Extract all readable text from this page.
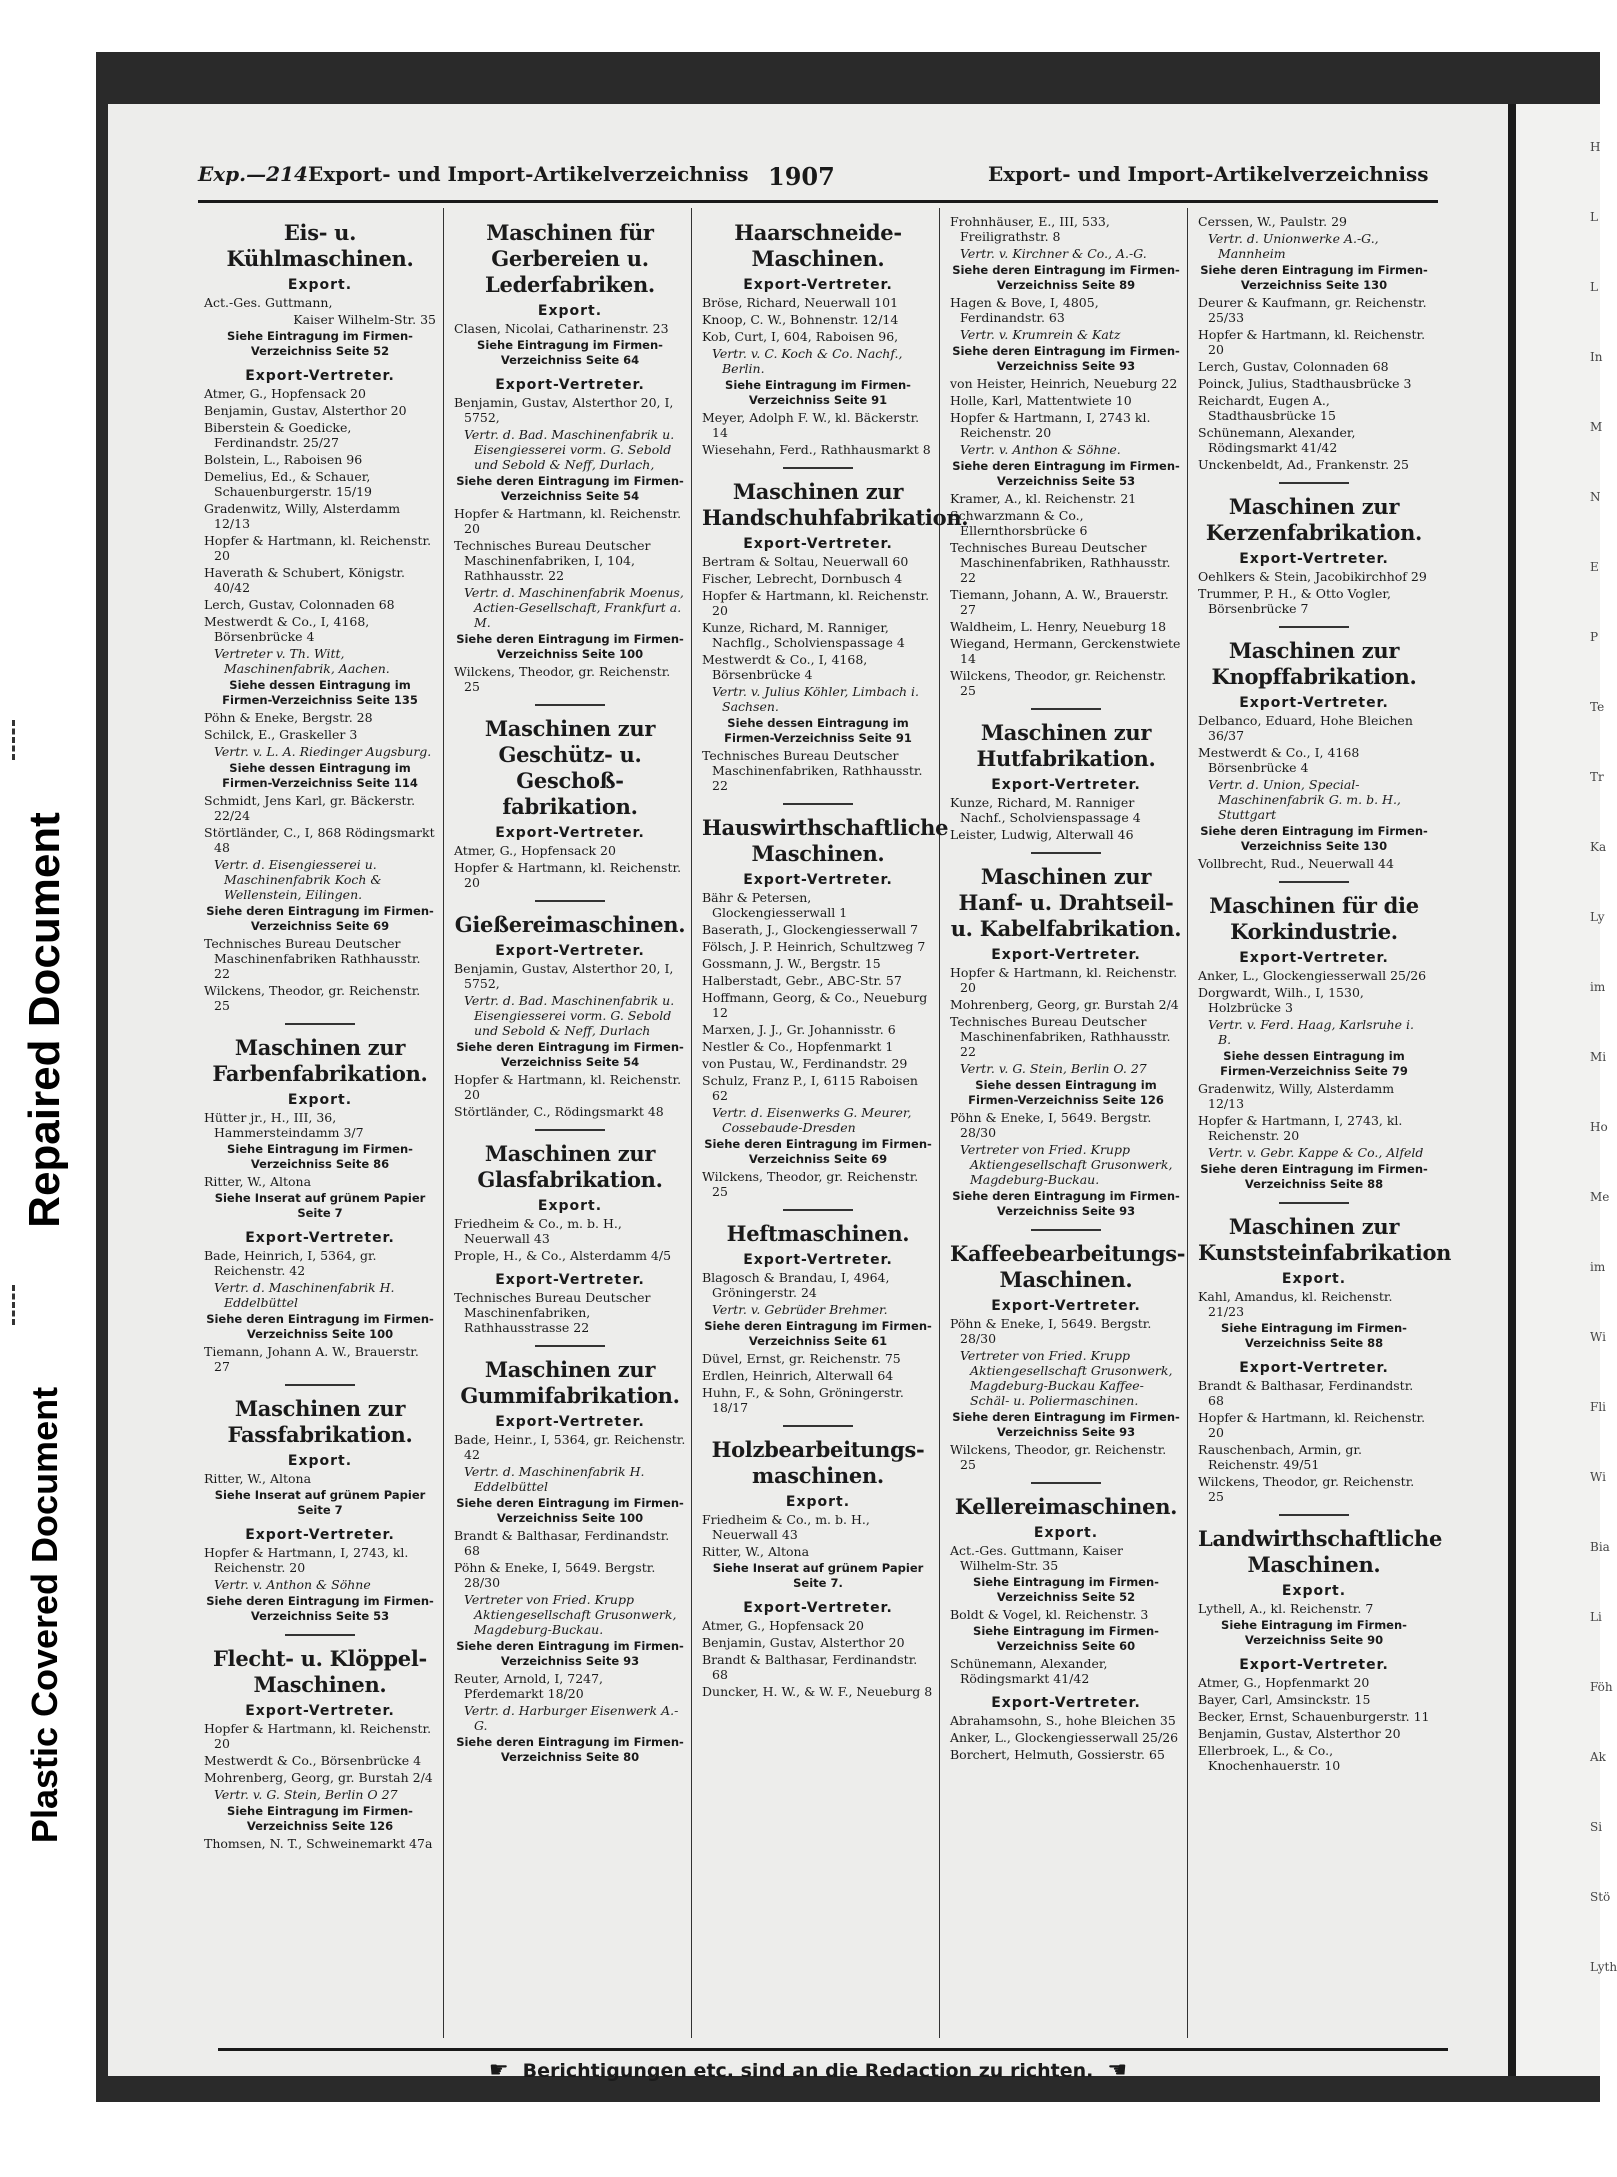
Repaired Document
Plastic Covered Document
Exp.—214 Export- und Import-Artikelverzeichniss 1907	Export- und Import-Artikelverzeichniss
Eis- u. Kühlmaschinen.
Export.
Act.-Ges. Guttmann,
Kaiser Wilhelm-Str. 35
Siehe Eintragung im Firmen-Verzeichniss Seite 52
Export-Vertreter.
Atmer, G., Hopfensack 20
Benjamin, Gustav, Alsterthor 20
Biberstein & Goedicke, Ferdinandstr. 25/27
Bolstein, L., Raboisen 96
Demelius, Ed., & Schauer, Schauenburgerstr. 15/19
Gradenwitz, Willy, Alsterdamm 12/13
Hopfer & Hartmann, kl. Reichenstr. 20
Haverath & Schubert, Königstr. 40/42
Lerch, Gustav, Colonnaden 68
Mestwerdt & Co., I, 4168, Börsenbrücke 4
Vertreter v. Th. Witt, Maschinenfabrik, Aachen.
Siehe dessen Eintragung im Firmen-Verzeichniss Seite 135
Pöhn & Eneke, Bergstr. 28
Schilck, E., Graskeller 3
Vertr. v. L. A. Riedinger Augsburg.
Siehe dessen Eintragung im Firmen-Verzeichniss Seite 114
Schmidt, Jens Karl, gr. Bäckerstr. 22/24
Störtländer, C., I, 868 Rödingsmarkt 48
Vertr. d. Eisengiesserei u. Maschinenfabrik Koch & Wellenstein, Eilingen.
Siehe deren Eintragung im Firmen-Verzeichniss Seite 69
Technisches Bureau Deutscher Maschinenfabriken Rathhausstr. 22
Wilckens, Theodor, gr. Reichenstr. 25
Maschinen zur Farbenfabrikation.
Export.
Hütter jr., H., III, 36, Hammersteindamm 3/7
Siehe Eintragung im Firmen-Verzeichniss Seite 86
Ritter, W., Altona
Siehe Inserat auf grünem Papier Seite 7
Export-Vertreter.
Bade, Heinrich, I, 5364, gr. Reichenstr. 42
Vertr. d. Maschinenfabrik H. Eddelbüttel
Siehe deren Eintragung im Firmen-Verzeichniss Seite 100
Tiemann, Johann A. W., Brauerstr. 27
Maschinen zur Fassfabrikation.
Export.
Ritter, W., Altona
Siehe Inserat auf grünem Papier Seite 7
Export-Vertreter.
Hopfer & Hartmann, I, 2743, kl. Reichenstr. 20
Vertr. v. Anthon & Söhne
Siehe deren Eintragung im Firmen-Verzeichniss Seite 53
Flecht- u. Klöppel-Maschinen.
Export-Vertreter.
Hopfer & Hartmann, kl. Reichenstr. 20
Mestwerdt & Co., Börsenbrücke 4
Mohrenberg, Georg, gr. Burstah 2/4
Vertr. v. G. Stein, Berlin O 27
Siehe Eintragung im Firmen-Verzeichniss Seite 126
Thomsen, N. T., Schweinemarkt 47a
Maschinen für Gerbereien u. Lederfabriken.
Export.
Clasen, Nicolai, Catharinenstr. 23
Siehe Eintragung im Firmen-Verzeichniss Seite 64
Export-Vertreter.
Benjamin, Gustav, Alsterthor 20, I, 5752,
Vertr. d. Bad. Maschinenfabrik u. Eisengiesserei vorm. G. Sebold und Sebold & Neff, Durlach,
Siehe deren Eintragung im Firmen-Verzeichniss Seite 54
Hopfer & Hartmann, kl. Reichenstr. 20
Technisches Bureau Deutscher Maschinenfabriken, I, 104, Rathhausstr. 22
Vertr. d. Maschinenfabrik Moenus, Actien-Gesellschaft, Frankfurt a. M.
Siehe deren Eintragung im Firmen-Verzeichniss Seite 100
Wilckens, Theodor, gr. Reichenstr. 25
Maschinen zur Geschütz- u. Geschoß-fabrikation.
Export-Vertreter.
Atmer, G., Hopfensack 20
Hopfer & Hartmann, kl. Reichenstr. 20
Gießereimaschinen.
Export-Vertreter.
Benjamin, Gustav, Alsterthor 20, I, 5752,
Vertr. d. Bad. Maschinenfabrik u. Eisengiesserei vorm. G. Sebold und Sebold & Neff, Durlach
Siehe deren Eintragung im Firmen-Verzeichniss Seite 54
Hopfer & Hartmann, kl. Reichenstr. 20
Störtländer, C., Rödingsmarkt 48
Maschinen zur Glasfabrikation.
Export.
Friedheim & Co., m. b. H., Neuerwall 43
Prople, H., & Co., Alsterdamm 4/5
Export-Vertreter.
Technisches Bureau Deutscher Maschinenfabriken, Rathhausstrasse 22
Maschinen zur Gummifabrikation.
Export-Vertreter.
Bade, Heinr., I, 5364, gr. Reichenstr. 42
Vertr. d. Maschinenfabrik H. Eddelbüttel
Siehe deren Eintragung im Firmen-Verzeichniss Seite 100
Brandt & Balthasar, Ferdinandstr. 68
Pöhn & Eneke, I, 5649. Bergstr. 28/30
Vertreter von Fried. Krupp Aktiengesellschaft Grusonwerk, Magdeburg-Buckau.
Siehe deren Eintragung im Firmen-Verzeichniss Seite 93
Reuter, Arnold, I, 7247, Pferdemarkt 18/20
Vertr. d. Harburger Eisenwerk A.-G.
Siehe deren Eintragung im Firmen-Verzeichniss Seite 80
Haarschneide-Maschinen.
Export-Vertreter.
Bröse, Richard, Neuerwall 101
Knoop, C. W., Bohnenstr. 12/14
Kob, Curt, I, 604, Raboisen 96,
Vertr. v. C. Koch & Co. Nachf., Berlin.
Siehe Eintragung im Firmen-Verzeichniss Seite 91
Meyer, Adolph F. W., kl. Bäckerstr. 14
Wiesehahn, Ferd., Rathhausmarkt 8
Maschinen zur Handschuhfabrikation.
Export-Vertreter.
Bertram & Soltau, Neuerwall 60
Fischer, Lebrecht, Dornbusch 4
Hopfer & Hartmann, kl. Reichenstr. 20
Kunze, Richard, M. Ranniger, Nachflg., Scholvienspassage 4
Mestwerdt & Co., I, 4168, Börsenbrücke 4
Vertr. v. Julius Köhler, Limbach i. Sachsen.
Siehe dessen Eintragung im Firmen-Verzeichniss Seite 91
Technisches Bureau Deutscher Maschinenfabriken, Rathhausstr. 22
Hauswirthschaftliche Maschinen.
Export-Vertreter.
Bähr & Petersen, Glockengiesserwall 1
Baserath, J., Glockengiesserwall 7
Fölsch, J. P. Heinrich, Schultzweg 7
Gossmann, J. W., Bergstr. 15
Halberstadt, Gebr., ABC-Str. 57
Hoffmann, Georg, & Co., Neueburg 12
Marxen, J. J., Gr. Johannisstr. 6
Nestler & Co., Hopfenmarkt 1
von Pustau, W., Ferdinandstr. 29
Schulz, Franz P., I, 6115 Raboisen 62
Vertr. d. Eisenwerks G. Meurer, Cossebaude-Dresden
Siehe deren Eintragung im Firmen-Verzeichniss Seite 69
Wilckens, Theodor, gr. Reichenstr. 25
Heftmaschinen.
Export-Vertreter.
Blagosch & Brandau, I, 4964, Gröningerstr. 24
Vertr. v. Gebrüder Brehmer.
Siehe deren Eintragung im Firmen-Verzeichniss Seite 61
Düvel, Ernst, gr. Reichenstr. 75
Erdlen, Heinrich, Alterwall 64
Huhn, F., & Sohn, Gröningerstr. 18/17
Holzbearbeitungs-maschinen.
Export.
Friedheim & Co., m. b. H., Neuerwall 43
Ritter, W., Altona
Siehe Inserat auf grünem Papier Seite 7.
Export-Vertreter.
Atmer, G., Hopfensack 20
Benjamin, Gustav, Alsterthor 20
Brandt & Balthasar, Ferdinandstr. 68
Duncker, H. W., & W. F., Neueburg 8
Frohnhäuser, E., III, 533, Freiligrathstr. 8
Vertr. v. Kirchner & Co., A.-G.
Siehe deren Eintragung im Firmen-Verzeichniss Seite 89
Hagen & Bove, I, 4805, Ferdinandstr. 63
Vertr. v. Krumrein & Katz
Siehe deren Eintragung im Firmen-Verzeichniss Seite 93
von Heister, Heinrich, Neueburg 22
Holle, Karl, Mattentwiete 10
Hopfer & Hartmann, I, 2743 kl. Reichenstr. 20
Vertr. v. Anthon & Söhne.
Siehe deren Eintragung im Firmen-Verzeichniss Seite 53
Kramer, A., kl. Reichenstr. 21
Schwarzmann & Co., Ellernthorsbrücke 6
Technisches Bureau Deutscher Maschinenfabriken, Rathhausstr. 22
Tiemann, Johann, A. W., Brauerstr. 27
Waldheim, L. Henry, Neueburg 18
Wiegand, Hermann, Gerckenstwiete 14
Wilckens, Theodor, gr. Reichenstr. 25
Maschinen zur Hutfabrikation.
Export-Vertreter.
Kunze, Richard, M. Ranniger Nachf., Scholvienspassage 4
Leister, Ludwig, Alterwall 46
Maschinen zur Hanf- u. Drahtseil- u. Kabelfabrikation.
Export-Vertreter.
Hopfer & Hartmann, kl. Reichenstr. 20
Mohrenberg, Georg, gr. Burstah 2/4
Technisches Bureau Deutscher Maschinenfabriken, Rathhausstr. 22
Vertr. v. G. Stein, Berlin O. 27
Siehe dessen Eintragung im Firmen-Verzeichniss Seite 126
Pöhn & Eneke, I, 5649. Bergstr. 28/30
Vertreter von Fried. Krupp Aktiengesellschaft Grusonwerk, Magdeburg-Buckau.
Siehe deren Eintragung im Firmen-Verzeichniss Seite 93
Kaffeebearbeitungs-Maschinen.
Export-Vertreter.
Pöhn & Eneke, I, 5649. Bergstr. 28/30
Vertreter von Fried. Krupp Aktiengesellschaft Grusonwerk, Magdeburg-Buckau Kaffee-Schäl- u. Poliermaschinen.
Siehe deren Eintragung im Firmen-Verzeichniss Seite 93
Wilckens, Theodor, gr. Reichenstr. 25
Kellereimaschinen.
Export.
Act.-Ges. Guttmann, Kaiser Wilhelm-Str. 35
Siehe Eintragung im Firmen-Verzeichniss Seite 52
Boldt & Vogel, kl. Reichenstr. 3
Siehe Eintragung im Firmen-Verzeichniss Seite 60
Schünemann, Alexander, Rödingsmarkt 41/42
Export-Vertreter.
Abrahamsohn, S., hohe Bleichen 35
Anker, L., Glockengiesserwall 25/26
Borchert, Helmuth, Gossierstr. 65
Cerssen, W., Paulstr. 29
Vertr. d. Unionwerke A.-G., Mannheim
Siehe deren Eintragung im Firmen-Verzeichniss Seite 130
Deurer & Kaufmann, gr. Reichenstr. 25/33
Hopfer & Hartmann, kl. Reichenstr. 20
Lerch, Gustav, Colonnaden 68
Poinck, Julius, Stadthausbrücke 3
Reichardt, Eugen A., Stadthausbrücke 15
Schünemann, Alexander, Rödingsmarkt 41/42
Unckenbeldt, Ad., Frankenstr. 25
Maschinen zur Kerzenfabrikation.
Export-Vertreter.
Oehlkers & Stein, Jacobikirchhof 29
Trummer, P. H., & Otto Vogler, Börsenbrücke 7
Maschinen zur Knopffabrikation.
Export-Vertreter.
Delbanco, Eduard, Hohe Bleichen 36/37
Mestwerdt & Co., I, 4168 Börsenbrücke 4
Vertr. d. Union, Special-Maschinenfabrik G. m. b. H., Stuttgart
Siehe deren Eintragung im Firmen-Verzeichniss Seite 130
Vollbrecht, Rud., Neuerwall 44
Maschinen für die Korkindustrie.
Export-Vertreter.
Anker, L., Glockengiesserwall 25/26
Dorgwardt, Wilh., I, 1530, Holzbrücke 3
Vertr. v. Ferd. Haag, Karlsruhe i. B.
Siehe dessen Eintragung im Firmen-Verzeichniss Seite 79
Gradenwitz, Willy, Alsterdamm 12/13
Hopfer & Hartmann, I, 2743, kl. Reichenstr. 20
Vertr. v. Gebr. Kappe & Co., Alfeld
Siehe deren Eintragung im Firmen-Verzeichniss Seite 88
Maschinen zur Kunststeinfabrikation
Export.
Kahl, Amandus, kl. Reichenstr. 21/23
Siehe Eintragung im Firmen-Verzeichniss Seite 88
Export-Vertreter.
Brandt & Balthasar, Ferdinandstr. 68
Hopfer & Hartmann, kl. Reichenstr. 20
Rauschenbach, Armin, gr. Reichenstr. 49/51
Wilckens, Theodor, gr. Reichenstr. 25
Landwirthschaftliche Maschinen.
Export.
Lythell, A., kl. Reichenstr. 7
Siehe Eintragung im Firmen-Verzeichniss Seite 90
Export-Vertreter.
Atmer, G., Hopfenmarkt 20
Bayer, Carl, Amsinckstr. 15
Becker, Ernst, Schauenburgerstr. 11
Benjamin, Gustav, Alsterthor 20
Ellerbroek, L., & Co., Knochenhauerstr. 10
☛ Berichtigungen etc. sind an die Redaction zu richten. ☚
H
L
L
In
M
N
E
P
Te
Tr
Ka
Ly
im
Mi
Ho
Me
im
Wi
Fli
Wi
Bia
Li
Föh
Ak
Si
Stö
Lyth
